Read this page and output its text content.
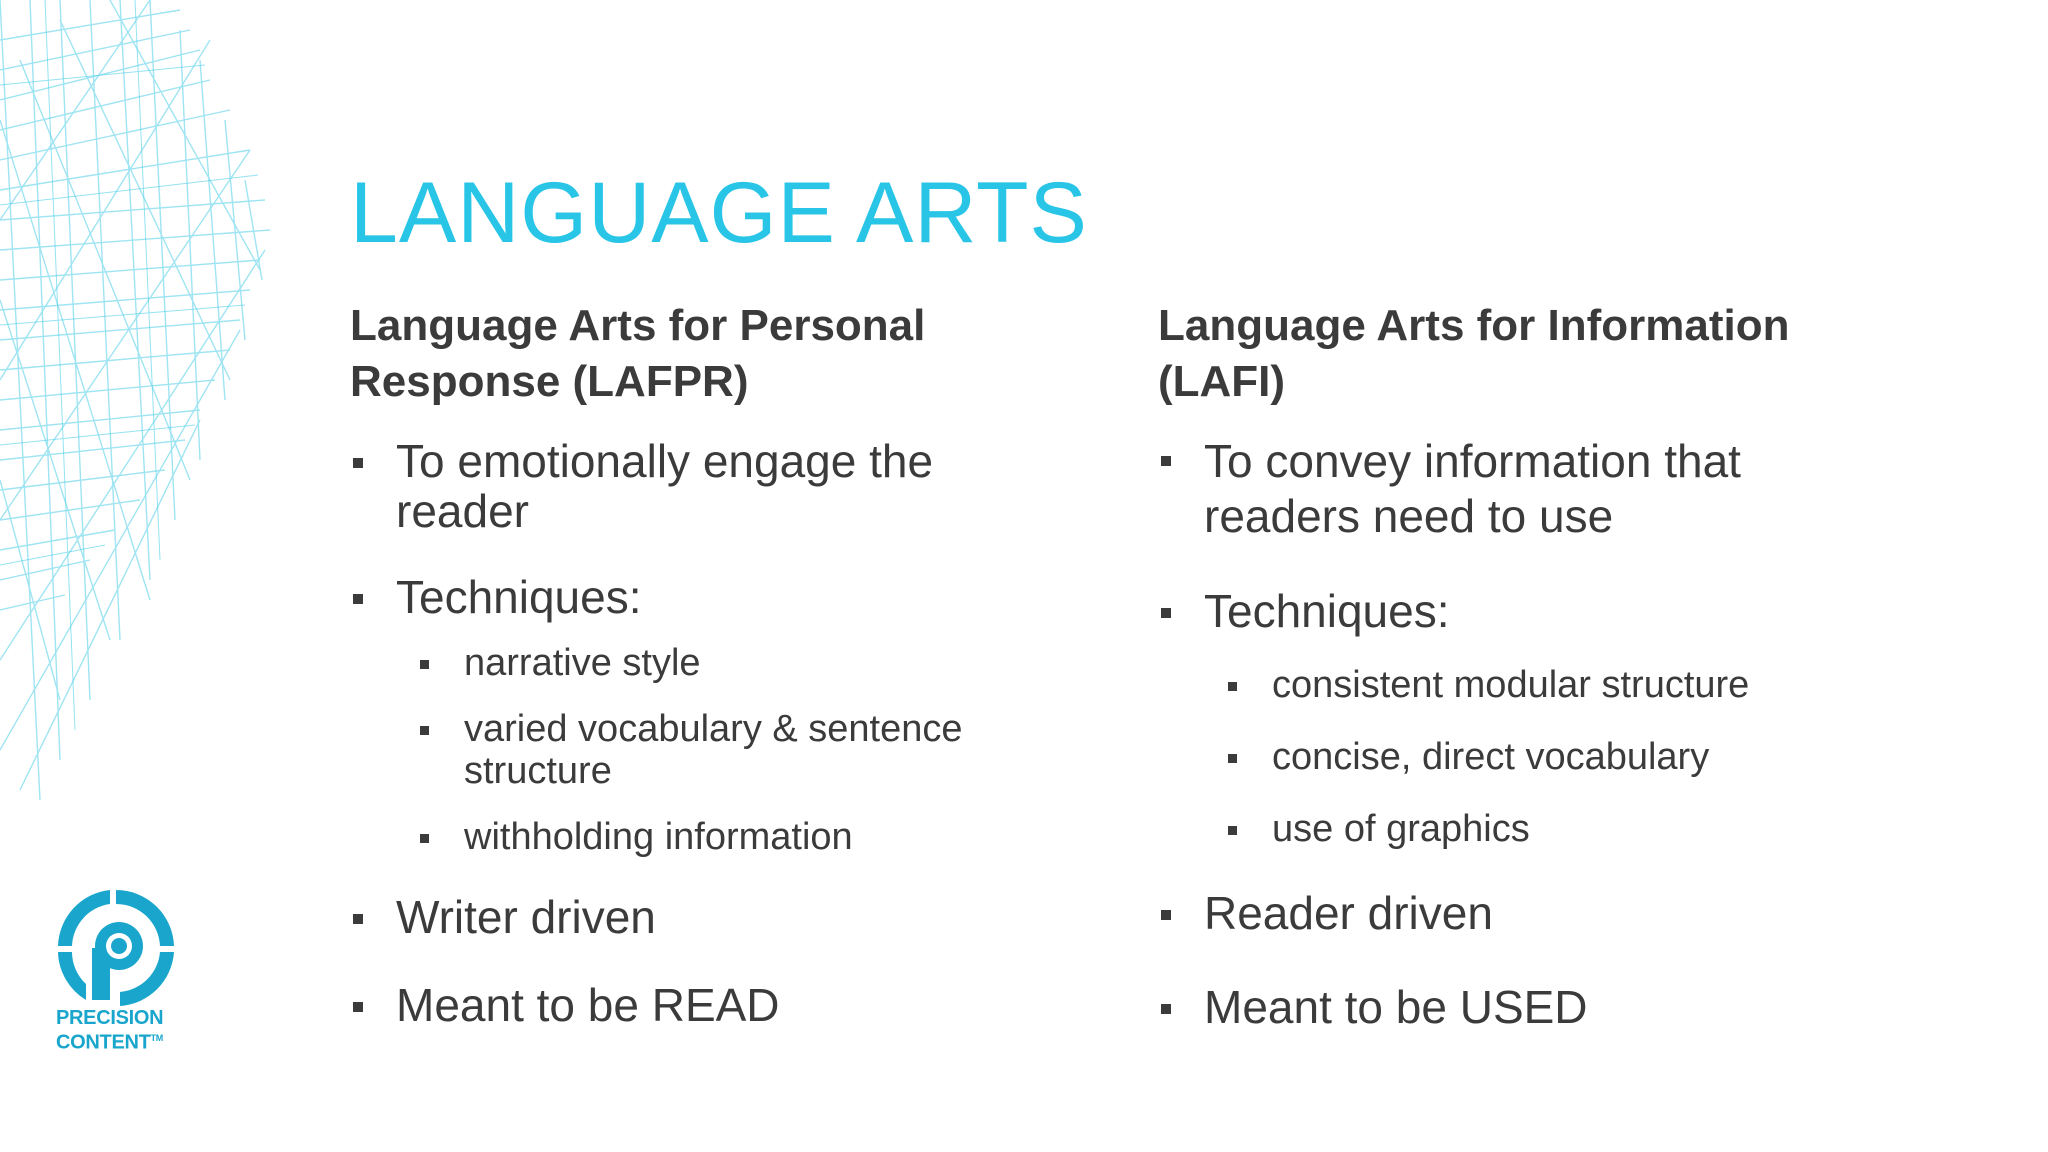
LANGUAGE ARTS

Language Arts for Personal
Response (LAFPR)

To emotionally engage the
reader
Techniques:
narrative style
varied vocabulary & sentence
structure
withholding information
Writer driven
Meant to be READ

Language Arts for Information
(LAFI)

To convey information that
readers need to use
Techniques:
consistent modular structure
concise, direct vocabulary
use of graphics
Reader driven
Meant to be USED
PRECISION
CONTENT™
